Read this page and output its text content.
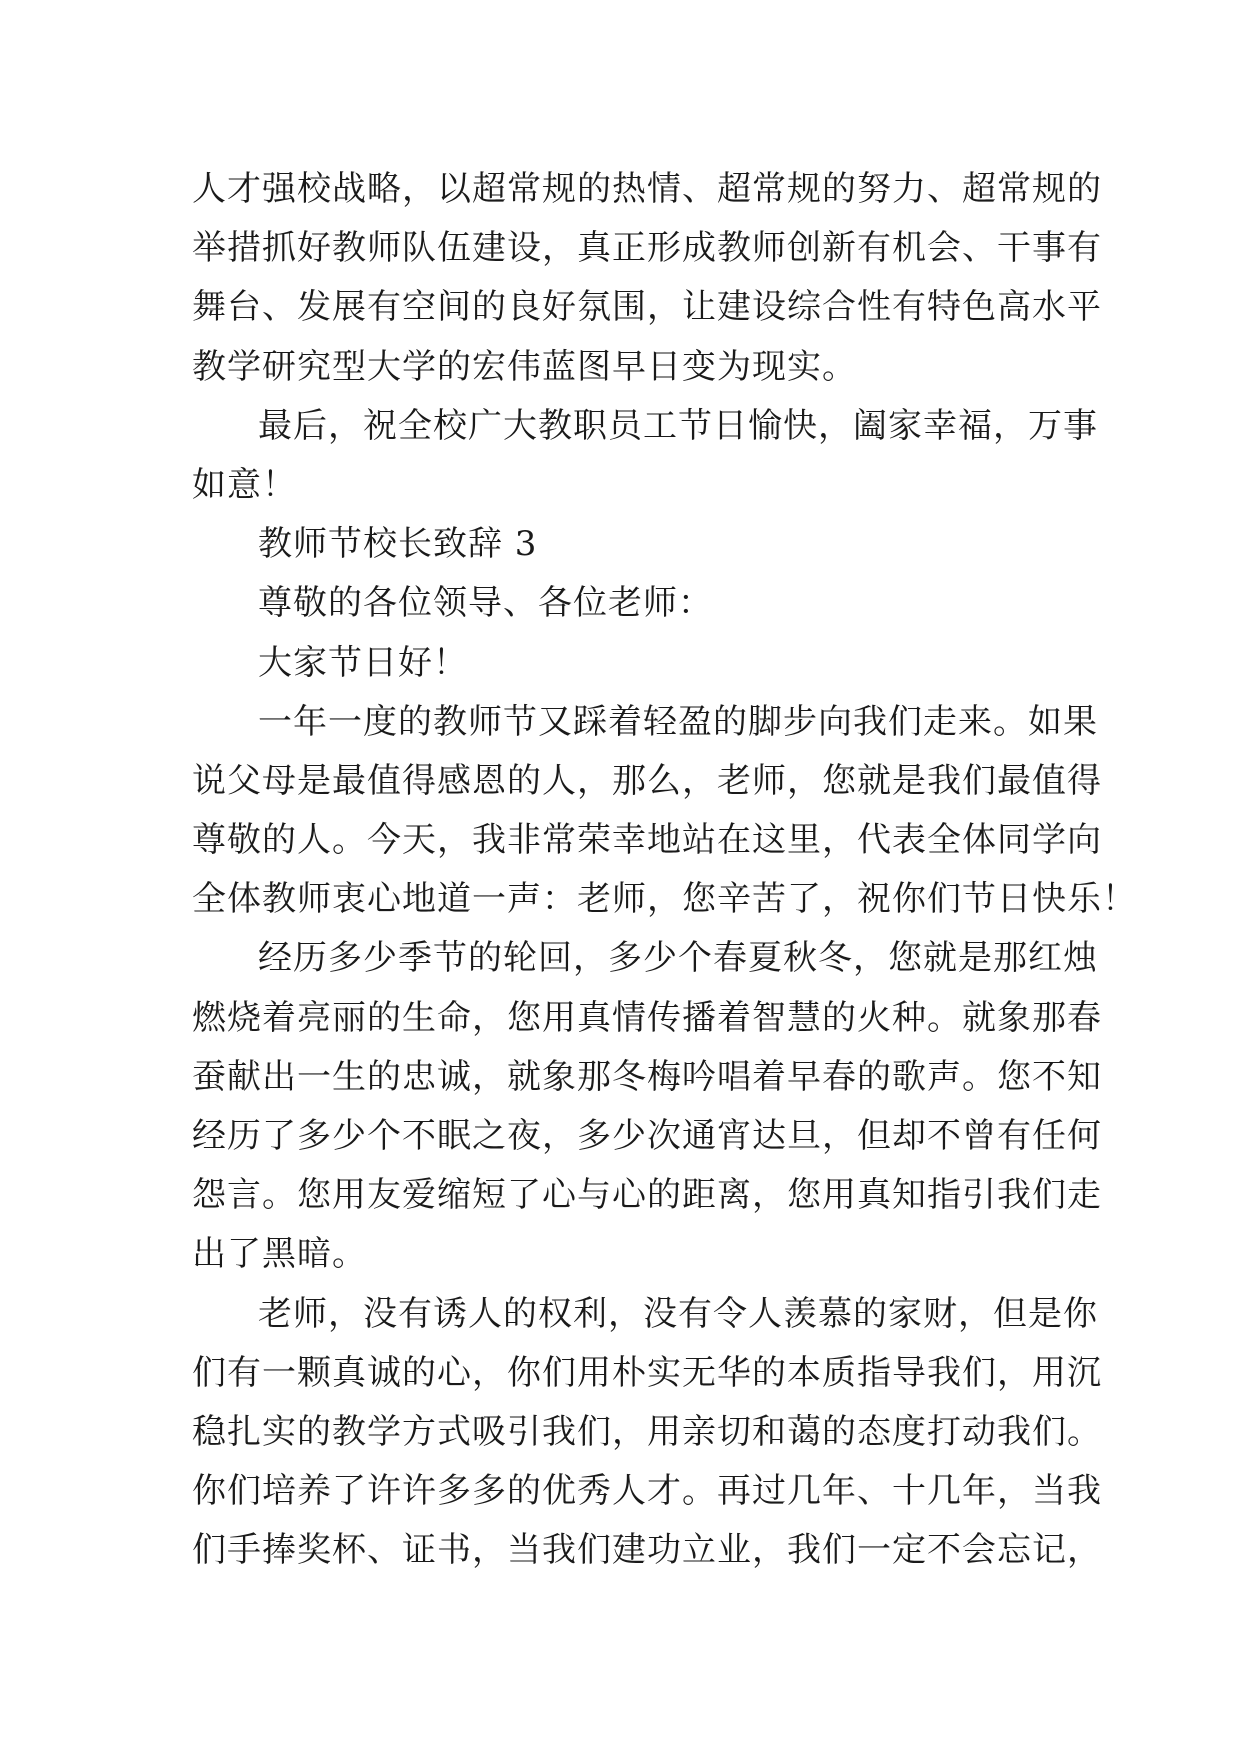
人才强校战略，以超常规的热情、超常规的努力、超常规的
举措抓好教师队伍建设，真正形成教师创新有机会、干事有
舞台、发展有空间的良好氛围，让建设综合性有特色高水平
教学研究型大学的宏伟蓝图早日变为现实。
最后，祝全校广大教职员工节日愉快，阖家幸福，万事
如意！
教师节校长致辞 3
尊敬的各位领导、各位老师：
大家节日好！
一年一度的教师节又踩着轻盈的脚步向我们走来。如果
说父母是最值得感恩的人，那么，老师，您就是我们最值得
尊敬的人。今天，我非常荣幸地站在这里，代表全体同学向
全体教师衷心地道一声：老师，您辛苦了，祝你们节日快乐！
经历多少季节的轮回，多少个春夏秋冬，您就是那红烛
燃烧着亮丽的生命，您用真情传播着智慧的火种。就象那春
蚕献出一生的忠诚，就象那冬梅吟唱着早春的歌声。您不知
经历了多少个不眠之夜，多少次通宵达旦，但却不曾有任何
怨言。您用友爱缩短了心与心的距离，您用真知指引我们走
出了黑暗。
老师，没有诱人的权利，没有令人羡慕的家财，但是你
们有一颗真诚的心，你们用朴实无华的本质指导我们，用沉
稳扎实的教学方式吸引我们，用亲切和蔼的态度打动我们。
你们培养了许许多多的优秀人才。再过几年、十几年，当我
们手捧奖杯、证书，当我们建功立业，我们一定不会忘记，
